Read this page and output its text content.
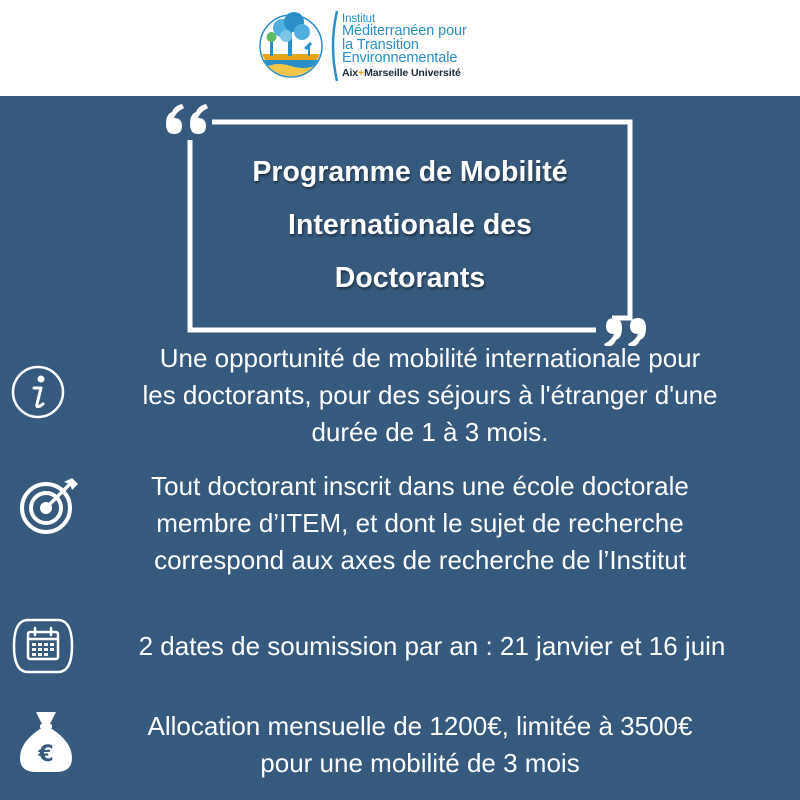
Institut
Méditerranéen pour
la Transition
Environnementale
Aix+Marseille Université
Programme de Mobilité
Internationale des
Doctorants
Une opportunité de mobilité internationale pour
les doctorants, pour des séjours à l'étranger d'une
durée de 1 à 3 mois.
Tout doctorant inscrit dans une école doctorale
membre d’ITEM, et dont le sujet de recherche
correspond aux axes de recherche de l’Institut
2 dates de soumission par an : 21 janvier et 16 juin
€
Allocation mensuelle de 1200€, limitée à 3500€
pour une mobilité de 3 mois
